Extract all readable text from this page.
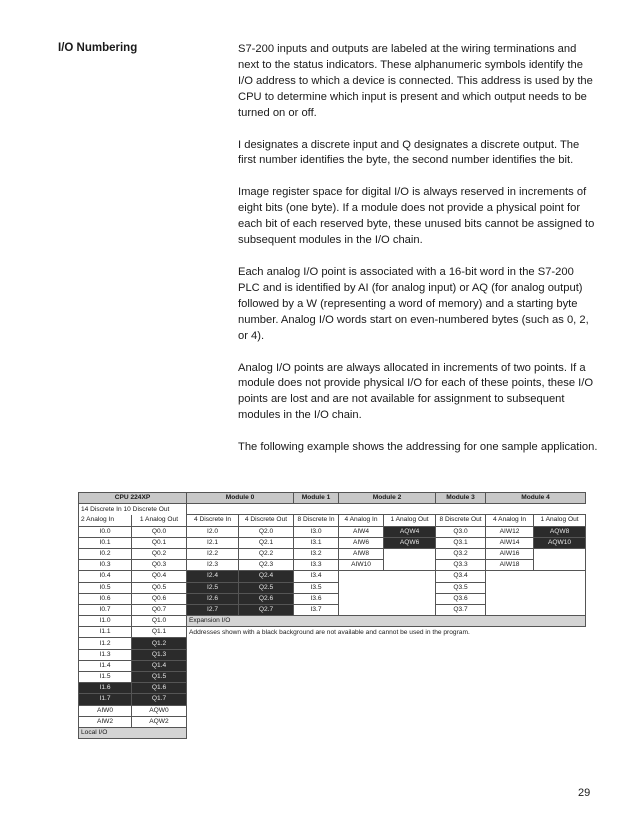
I/O Numbering	S7-200 inputs and outputs are labeled at the wiring terminations and next to the status indicators. These alphanumeric symbols identify the I/O address to which a device is connected. This address is used by the CPU to determine which input is present and which output needs to be turned on or off.

I designates a discrete input and Q designates a discrete output. The first number identifies the byte, the second number identifies the bit.

Image register space for digital I/O is always reserved in increments of eight bits (one byte). If a module does not provide a physical point for each bit of each reserved byte, these unused bits cannot be assigned to subsequent modules in the I/O chain.

Each analog I/O point is associated with a 16-bit word in the S7-200 PLC and is identified by AI (for analog input) or AQ (for analog output) followed by a W (representing a word of memory) and a starting byte number. Analog I/O words start on even-numbered bytes (such as 0, 2, or 4).

Analog I/O points are always allocated in increments of two points. If a module does not provide physical I/O for each of these points, these I/O points are lost and are not available for assignment to subsequent modules in the I/O chain.

The following example shows the addressing for one sample application.

CPU 224XP		Module 0		Module 1	Module 2		Module 3	Module 4	
14 Discrete In 10 Discrete Out									
2 Analog In	1 Analog Out	4 Discrete In	4 Discrete Out	8 Discrete In	4 Analog In	1 Analog Out	8 Discrete Out	4 Analog In	1 Analog Out
I0.0	Q0.0	I2.0	Q2.0	I3.0	AIW4	AQW4	Q3.0	AIW12	AQW8
I0.1	Q0.1	I2.1	Q2.1	I3.1	AIW6	AQW6	Q3.1	AIW14	AQW10
I0.2	Q0.2	I2.2	Q2.2	I3.2	AIW8		Q3.2	AIW16	
I0.3	Q0.3	I2.3	Q2.3	I3.3	AIW10		Q3.3	AIW18	
I0.4	Q0.4	I2.4	Q2.4	I3.4			Q3.4		
I0.5	Q0.5	I2.5	Q2.5	I3.5			Q3.5		
I0.6	Q0.6	I2.6	Q2.6	I3.6			Q3.6		
I0.7	Q0.7	I2.7	Q2.7	I3.7			Q3.7		
I1.0	Q1.0	Expansion I/O							
I1.1	Q1.1	Addresses shown with a black background are not available and cannot be used in the program.							
I1.2	Q1.2								
I1.3	Q1.3								
I1.4	Q1.4								
I1.5	Q1.5								
I1.6	Q1.6								
I1.7	Q1.7								
AIW0	AQW0								
AIW2	AQW2								
Local I/O									
29
